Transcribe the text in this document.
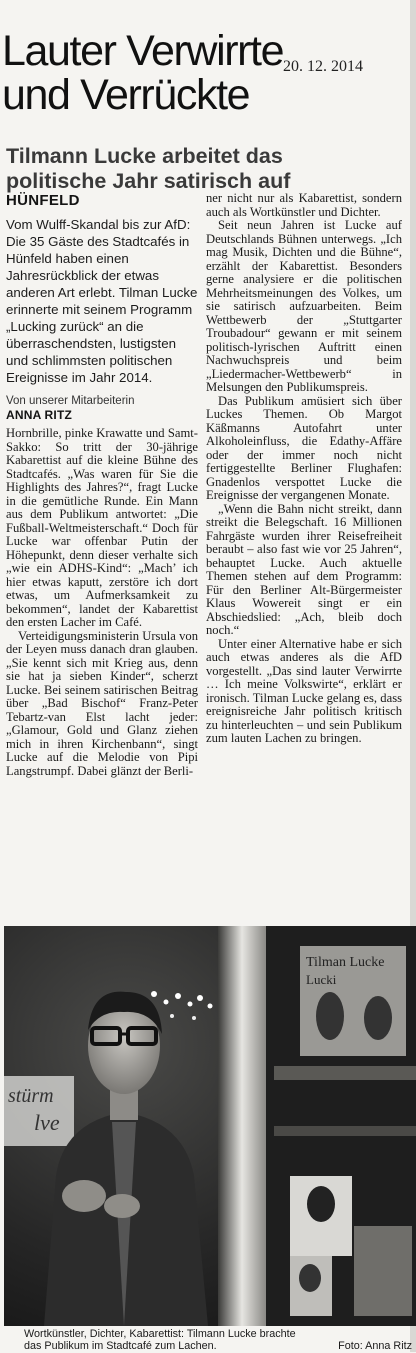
Lauter Verwirrte
und Verrückte
20. 12. 2014
Tilmann Lucke arbeitet das
politische Jahr satirisch auf
HÜNFELD

Vom Wulff-Skandal bis zur AfD: Die 35 Gäste des Stadtcafés in Hünfeld haben einen Jahresrückblick der etwas anderen Art erlebt. Tilman Lucke erinnerte mit seinem Programm „Lucking zurück“ an die überraschendsten, lustigsten und schlimmsten politischen Ereignisse im Jahr 2014.

Von unserer Mitarbeiterin

ANNA RITZ

Hornbrille, pinke Krawatte und Samt-Sakko: So tritt der 30-jährige Kabarettist auf die kleine Bühne des Stadtcafés. „Was waren für Sie die Highlights des Jahres?“, fragt Lucke in die gemütliche Runde. Ein Mann aus dem Publikum antwortet: „Die Fußball-Weltmeisterschaft.“ Doch für Lucke war offenbar Putin der Höhepunkt, denn dieser verhalte sich „wie ein ADHS-Kind“: „Mach’ ich hier etwas kaputt, zerstöre ich dort etwas, um Aufmerksamkeit zu bekommen“, landet der Kabarettist den ersten Lacher im Café.

Verteidigungsministerin Ursula von der Leyen muss danach dran glauben. „Sie kennt sich mit Krieg aus, denn sie hat ja sieben Kinder“, scherzt Lucke. Bei seinem satirischen Beitrag über „Bad Bischof“ Franz-Peter Tebartz-van Elst lacht jeder: „Glamour, Gold und Glanz ziehen mich in ihren Kirchenbann“, singt Lucke auf die Melodie von Pipi Langstrumpf. Dabei glänzt der Berli-

ner nicht nur als Kabarettist, sondern auch als Wortkünstler und Dichter.

Seit neun Jahren ist Lucke auf Deutschlands Bühnen unterwegs. „Ich mag Musik, Dichten und die Bühne“, erzählt der Kabarettist. Besonders gerne analysiere er die politischen Mehrheitsmeinungen des Volkes, um sie satirisch aufzuarbeiten. Beim Wettbewerb der „Stuttgarter Troubadour“ gewann er mit seinem politisch-lyrischen Auftritt einen Nachwuchspreis und beim „Liedermacher-Wettbewerb“ in Melsungen den Publikumspreis.

Das Publikum amüsiert sich über Luckes Themen. Ob Margot Käßmanns Autofahrt unter Alkoholeinfluss, die Edathy-Affäre oder der immer noch nicht fertiggestellte Berliner Flughafen: Gnadenlos verspottet Lucke die Ereignisse der vergangenen Monate.

„Wenn die Bahn nicht streikt, dann streikt die Belegschaft. 16 Millionen Fahrgäste wurden ihrer Reisefreiheit beraubt – also fast wie vor 25 Jahren“, behauptet Lucke. Auch aktuelle Themen stehen auf dem Programm: Für den Berliner Alt-Bürgermeister Klaus Wowereit singt er ein Abschiedslied: „Ach, bleib doch noch.“

Unter einer Alternative habe er sich auch etwas anderes als die AfD vorgestellt. „Das sind lauter Verwirrte … Ich meine Volkswirte“, erklärt er ironisch. Tilman Lucke gelang es, dass ereignisreiche Jahr politisch kritisch zu hinterleuchten – und sein Publikum zum lauten Lachen zu bringen.

stürm
lve
Tilman Lucke
Lucki
Wortkünstler, Dichter, Kabarettist: Tilmann Lucke brachte
das Publikum im Stadtcafé zum Lachen.	Foto: Anna Ritz
